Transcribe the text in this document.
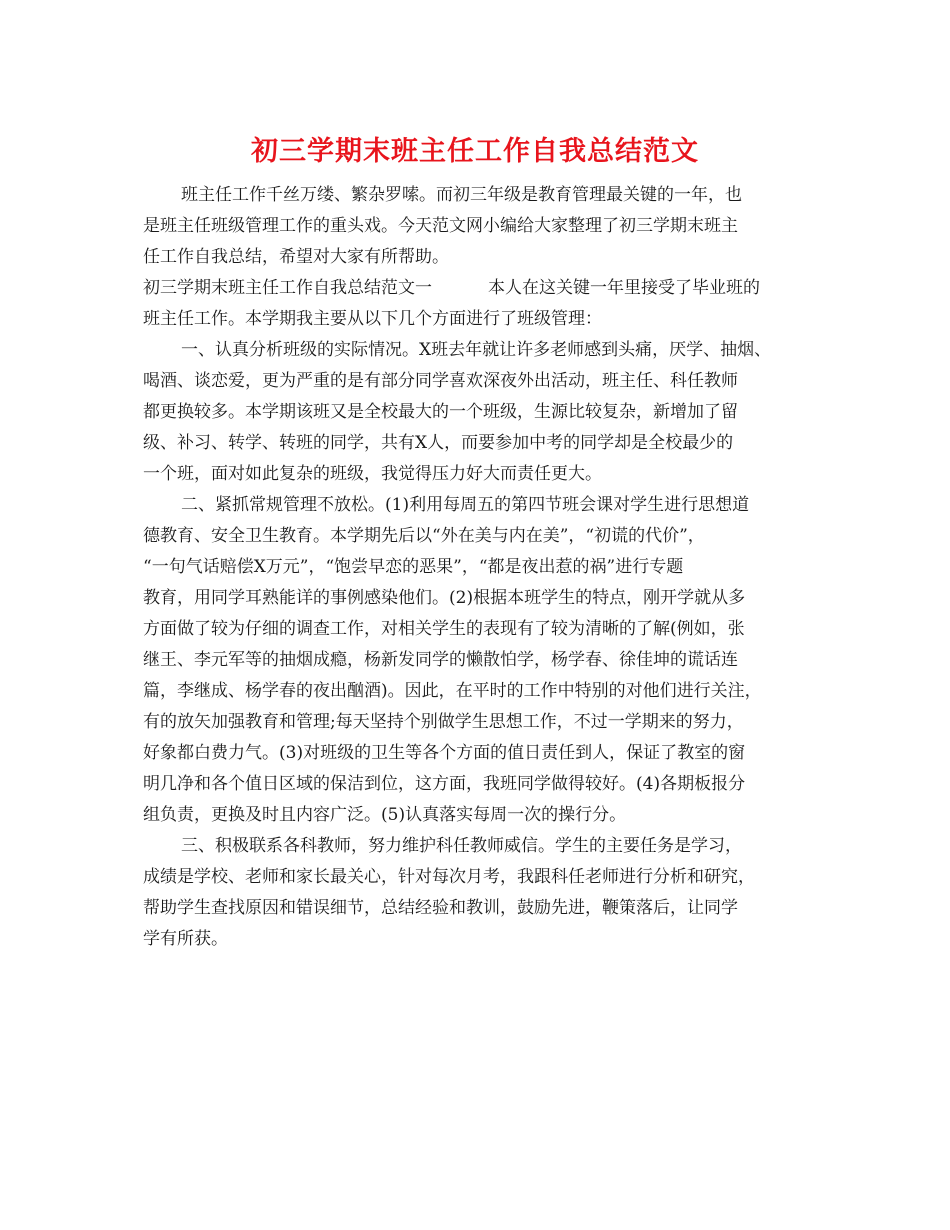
初三学期末班主任工作自我总结范文
班主任工作千丝万缕、繁杂罗嗦。而初三年级是教育管理最关键的一年，也
是班主任班级管理工作的重头戏。今天范文网小编给大家整理了初三学期末班主
任工作自我总结，希望对大家有所帮助。
初三学期末班主任工作自我总结范文一	本人在这关键一年里接受了毕业班的
班主任工作。本学期我主要从以下几个方面进行了班级管理：
一、认真分析班级的实际情况。X班去年就让许多老师感到头痛，厌学、抽烟、
喝酒、谈恋爱，更为严重的是有部分同学喜欢深夜外出活动，班主任、科任教师
都更换较多。本学期该班又是全校最大的一个班级，生源比较复杂，新增加了留
级、补习、转学、转班的同学，共有X人，而要参加中考的同学却是全校最少的
一个班，面对如此复杂的班级，我觉得压力好大而责任更大。
二、紧抓常规管理不放松。(1)利用每周五的第四节班会课对学生进行思想道
德教育、安全卫生教育。本学期先后以“外在美与内在美”，“初谎的代价”，
“一句气话赔偿X万元”，“饱尝早恋的恶果”，“都是夜出惹的祸”进行专题
教育，用同学耳熟能详的事例感染他们。(2)根据本班学生的特点，刚开学就从多
方面做了较为仔细的调查工作，对相关学生的表现有了较为清晰的了解(例如，张
继王、李元军等的抽烟成瘾，杨新发同学的懒散怕学，杨学春、徐佳坤的谎话连
篇，李继成、杨学春的夜出酗酒)。因此，在平时的工作中特别的对他们进行关注，
有的放矢加强教育和管理;每天坚持个别做学生思想工作，不过一学期来的努力，
好象都白费力气。(3)对班级的卫生等各个方面的值日责任到人，保证了教室的窗
明几净和各个值日区域的保洁到位，这方面，我班同学做得较好。(4)各期板报分
组负责，更换及时且内容广泛。(5)认真落实每周一次的操行分。
三、积极联系各科教师，努力维护科任教师威信。学生的主要任务是学习，
成绩是学校、老师和家长最关心，针对每次月考，我跟科任老师进行分析和研究，
帮助学生查找原因和错误细节，总结经验和教训，鼓励先进，鞭策落后，让同学
学有所获。
